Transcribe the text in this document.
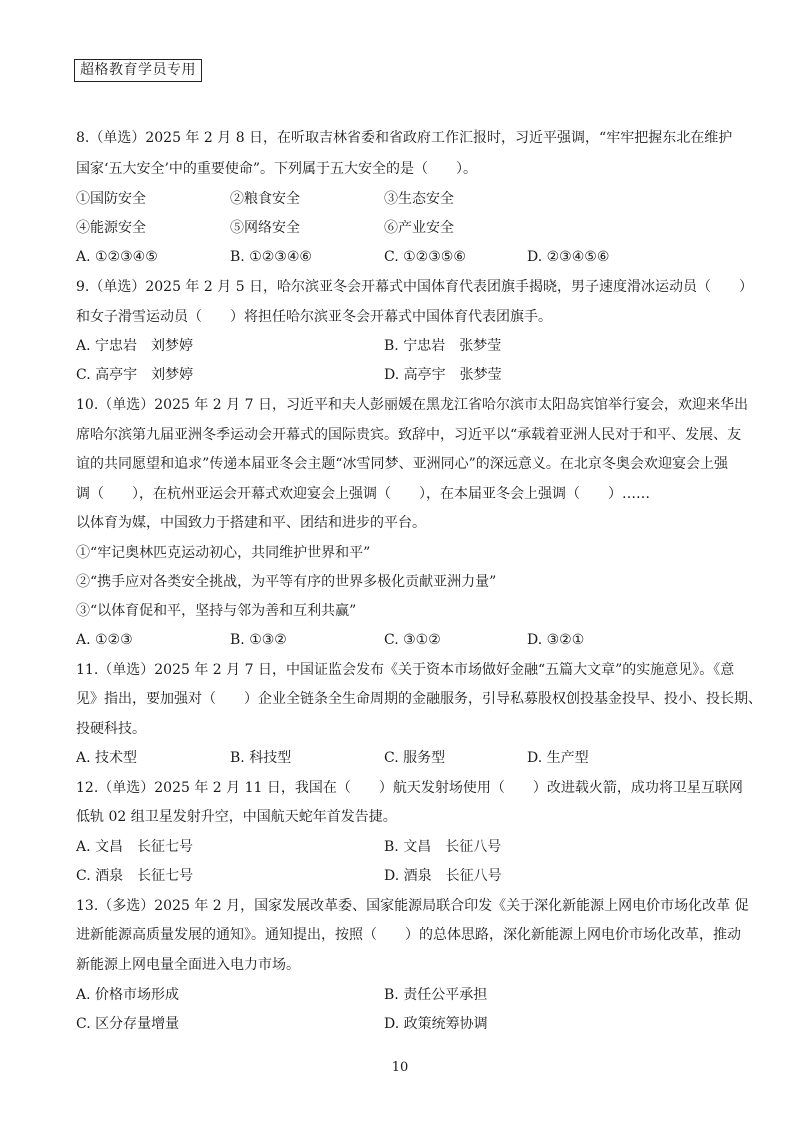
超格教育学员专用
8.（单选）2025 年 2 月 8 日，在听取吉林省委和省政府工作汇报时，习近平强调，“牢牢把握东北在维护
国家‘五大安全’中的重要使命”。下列属于五大安全的是（　　）。
①国防安全	②粮食安全	③生态安全
④能源安全	⑤网络安全	⑥产业安全
A. ①②③④⑤	B. ①②③④⑥	C. ①②③⑤⑥	D. ②③④⑤⑥
9.（单选）2025 年 2 月 5 日，哈尔滨亚冬会开幕式中国体育代表团旗手揭晓，男子速度滑冰运动员（　　）
和女子滑雪运动员（　　）将担任哈尔滨亚冬会开幕式中国体育代表团旗手。
A. 宁忠岩　刘梦婷	B. 宁忠岩　张梦莹
C. 高亭宇　刘梦婷	D. 高亭宇　张梦莹
10.（单选）2025 年 2 月 7 日，习近平和夫人彭丽媛在黑龙江省哈尔滨市太阳岛宾馆举行宴会，欢迎来华出
席哈尔滨第九届亚洲冬季运动会开幕式的国际贵宾。致辞中，习近平以“承载着亚洲人民对于和平、发展、友
谊的共同愿望和追求”传递本届亚冬会主题“冰雪同梦、亚洲同心”的深远意义。在北京冬奥会欢迎宴会上强
调（　　），在杭州亚运会开幕式欢迎宴会上强调（　　），在本届亚冬会上强调（　　）……
以体育为媒，中国致力于搭建和平、团结和进步的平台。
①“牢记奥林匹克运动初心，共同维护世界和平”
②“携手应对各类安全挑战，为平等有序的世界多极化贡献亚洲力量”
③“以体育促和平，坚持与邻为善和互利共赢”
A. ①②③	B. ①③②	C. ③①②	D. ③②①
11.（单选）2025 年 2 月 7 日，中国证监会发布《关于资本市场做好金融“五篇大文章”的实施意见》。《意
见》指出，要加强对（　　）企业全链条全生命周期的金融服务，引导私募股权创投基金投早、投小、投长期、
投硬科技。
A. 技术型	B. 科技型	C. 服务型	D. 生产型
12.（单选）2025 年 2 月 11 日，我国在（　　）航天发射场使用（　　）改进载火箭，成功将卫星互联网
低轨 02 组卫星发射升空，中国航天蛇年首发告捷。
A. 文昌　长征七号	B. 文昌　长征八号
C. 酒泉　长征七号	D. 酒泉　长征八号
13.（多选）2025 年 2 月，国家发展改革委、国家能源局联合印发《关于深化新能源上网电价市场化改革 促
进新能源高质量发展的通知》。通知提出，按照（　　）的总体思路，深化新能源上网电价市场化改革，推动
新能源上网电量全面进入电力市场。
A. 价格市场形成	B. 责任公平承担
C. 区分存量增量	D. 政策统筹协调
10
